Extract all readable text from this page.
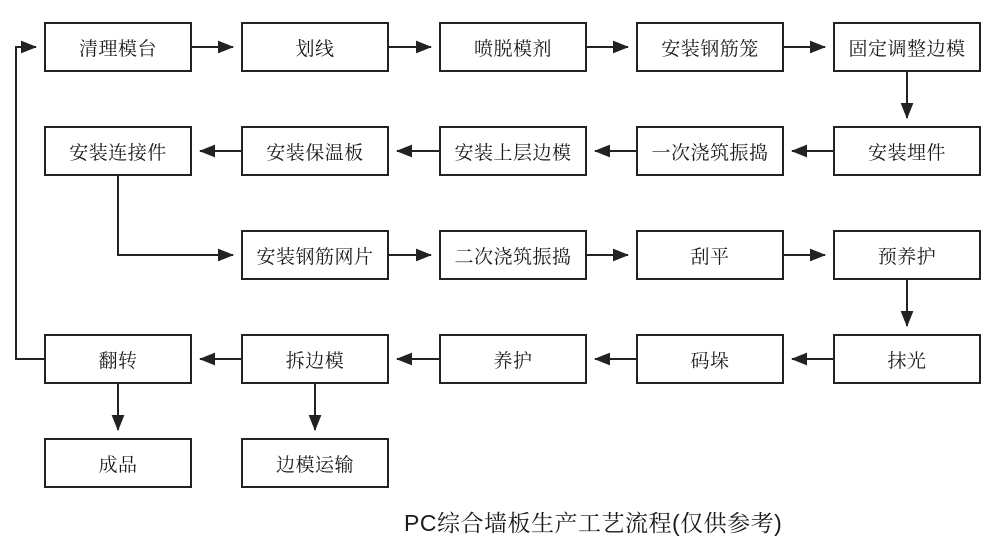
清理模台	划线	喷脱模剂	安装钢筋笼	固定调整边模
安装埋件
一次浇筑振捣
安装上层边模
安装保温板
安装连接件
安装钢筋网片	二次浇筑振捣	刮平	预养护
抹光
码垛
养护
拆边模
翻转
成品	边模运输
PC综合墙板生产工艺流程(仅供参考)
